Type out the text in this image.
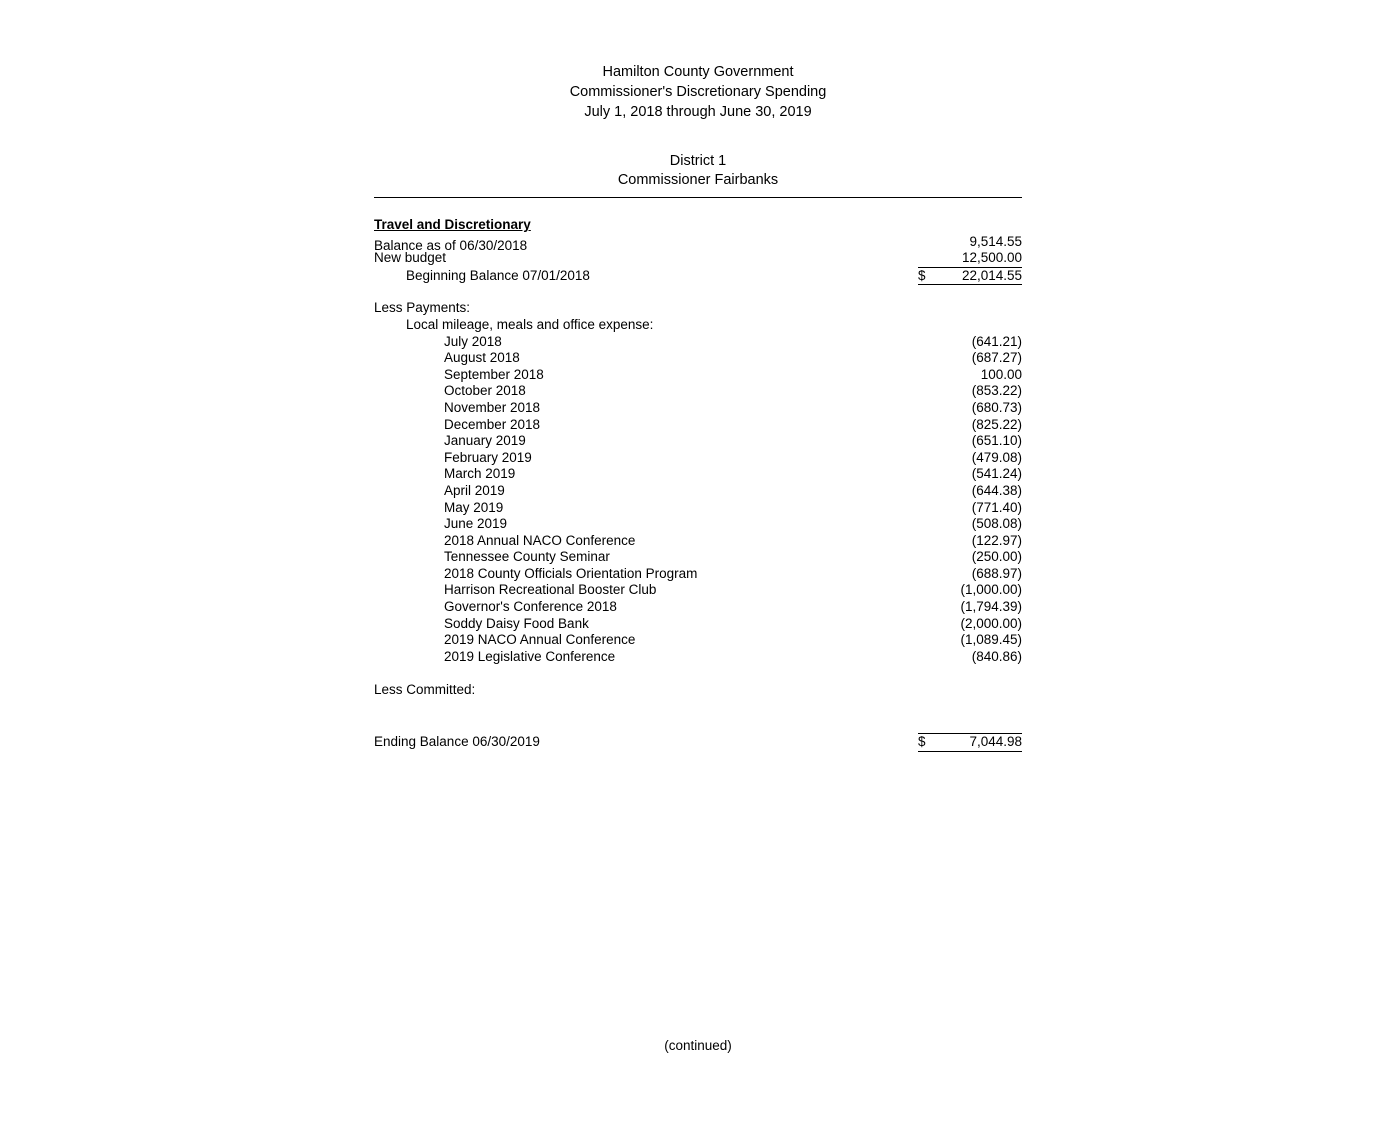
Hamilton County Government
Commissioner's Discretionary Spending
July 1, 2018 through June 30, 2019
District 1
Commissioner Fairbanks
Travel and Discretionary
Balance as of 06/30/2018	9,514.55
New budget	12,500.00
Beginning Balance 07/01/2018	$	22,014.55
Less Payments:
Local mileage, meals and office expense:
July 2018	(641.21)
August 2018	(687.27)
September 2018	100.00
October 2018	(853.22)
November 2018	(680.73)
December 2018	(825.22)
January 2019	(651.10)
February 2019	(479.08)
March 2019	(541.24)
April 2019	(644.38)
May 2019	(771.40)
June 2019	(508.08)
2018 Annual NACO Conference	(122.97)
Tennessee County Seminar	(250.00)
2018 County Officials Orientation Program	(688.97)
Harrison Recreational Booster Club	(1,000.00)
Governor's Conference 2018	(1,794.39)
Soddy Daisy Food Bank	(2,000.00)
2019 NACO Annual Conference	(1,089.45)
2019 Legislative Conference	(840.86)
Less Committed:
Ending Balance 06/30/2019	$	7,044.98
(continued)
